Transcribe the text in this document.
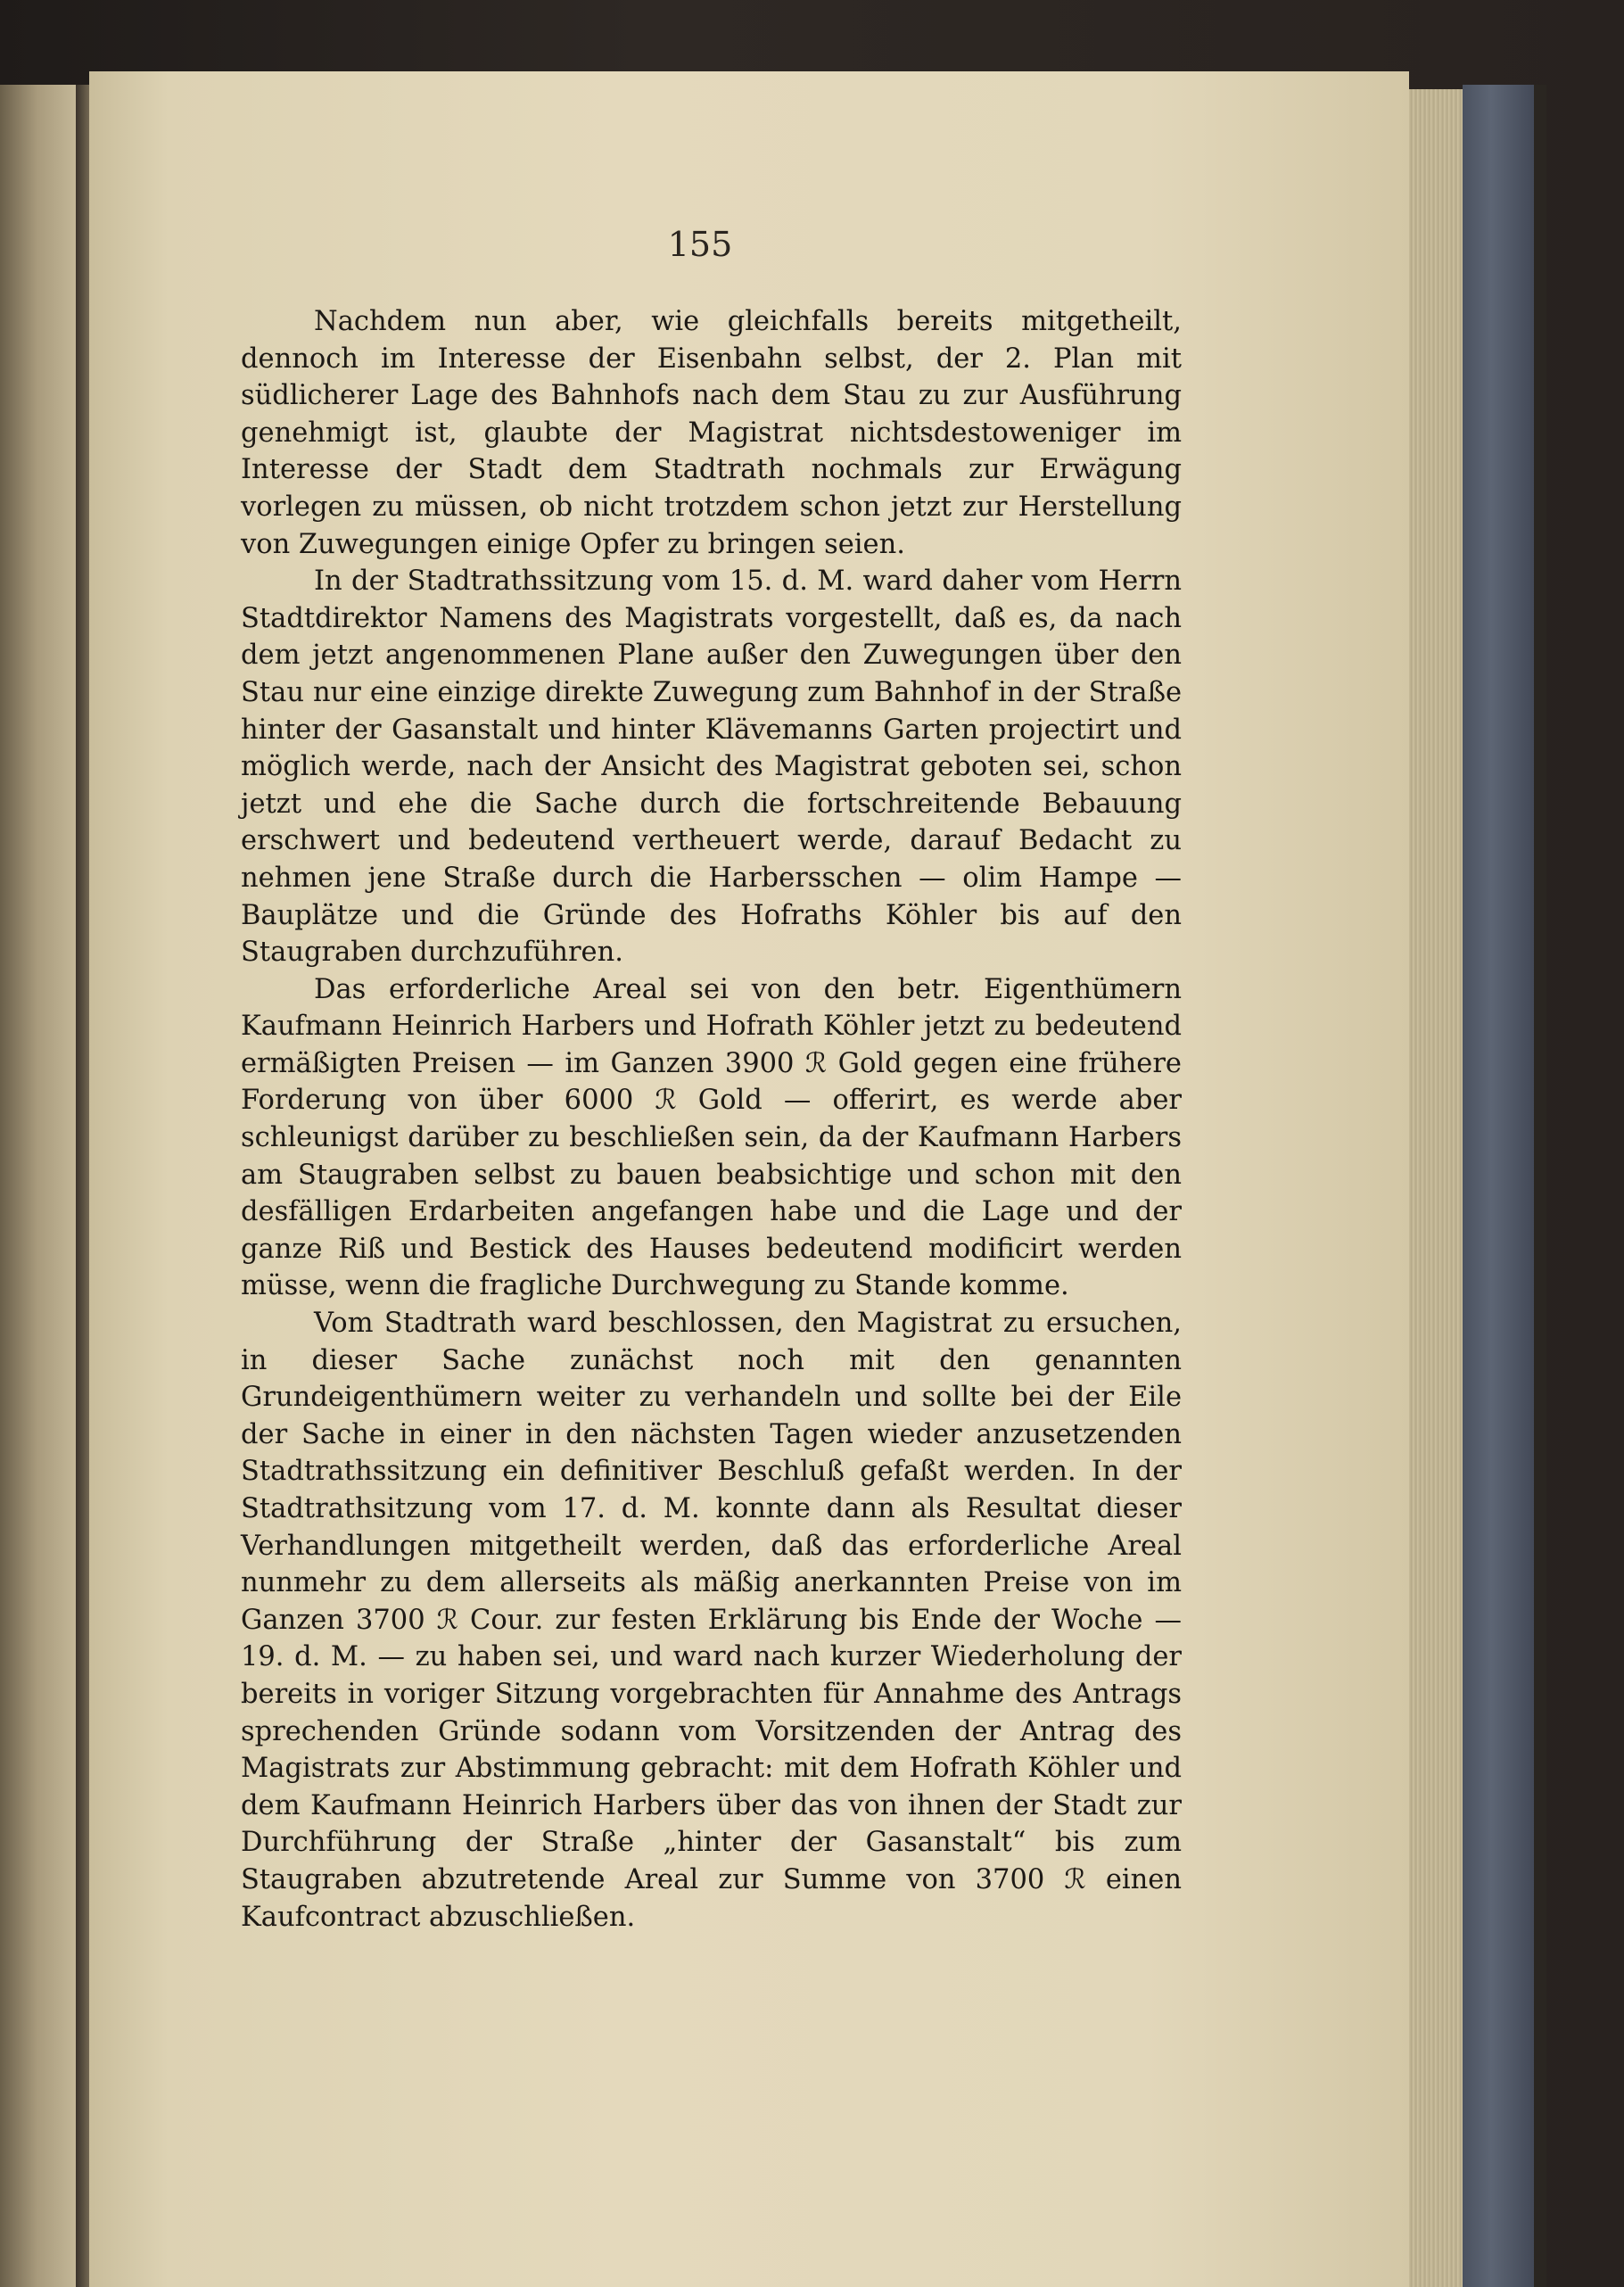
155

Nachdem nun aber, wie gleichfalls bereits mitgetheilt, dennoch im Interesse der Eisenbahn selbst, der 2. Plan mit südlicherer Lage des Bahnhofs nach dem Stau zu zur Ausführung genehmigt ist, glaubte der Magistrat nichtsdestoweniger im Interesse der Stadt dem Stadtrath nochmals zur Erwägung vorlegen zu müssen, ob nicht trotzdem schon jetzt zur Herstellung von Zuwegungen einige Opfer zu bringen seien.

In der Stadtrathssitzung vom 15. d. M. ward daher vom Herrn Stadtdirektor Namens des Magistrats vorgestellt, daß es, da nach dem jetzt angenommenen Plane außer den Zuwegungen über den Stau nur eine einzige direkte Zuwegung zum Bahnhof in der Straße hinter der Gasanstalt und hinter Klävemanns Garten projectirt und möglich werde, nach der Ansicht des Magistrat geboten sei, schon jetzt und ehe die Sache durch die fortschreitende Bebauung erschwert und bedeutend vertheuert werde, darauf Bedacht zu nehmen jene Straße durch die Harbersschen — olim Hampe — Bauplätze und die Gründe des Hofraths Köhler bis auf den Staugraben durchzuführen.

Das erforderliche Areal sei von den betr. Eigenthümern Kaufmann Heinrich Harbers und Hofrath Köhler jetzt zu bedeutend ermäßigten Preisen — im Ganzen 3900 ℛ Gold gegen eine frühere Forderung von über 6000 ℛ Gold — offerirt, es werde aber schleunigst darüber zu beschließen sein, da der Kaufmann Harbers am Staugraben selbst zu bauen beabsichtige und schon mit den desfälligen Erdarbeiten angefangen habe und die Lage und der ganze Riß und Bestick des Hauses bedeutend modificirt werden müsse, wenn die fragliche Durchwegung zu Stande komme.

Vom Stadtrath ward beschlossen, den Magistrat zu ersuchen, in dieser Sache zunächst noch mit den genannten Grundeigenthümern weiter zu verhandeln und sollte bei der Eile der Sache in einer in den nächsten Tagen wieder anzusetzenden Stadtrathssitzung ein definitiver Beschluß gefaßt werden. In der Stadtrathsitzung vom 17. d. M. konnte dann als Resultat dieser Verhandlungen mitgetheilt werden, daß das erforderliche Areal nunmehr zu dem allerseits als mäßig anerkannten Preise von im Ganzen 3700 ℛ Cour. zur festen Erklärung bis Ende der Woche — 19. d. M. — zu haben sei, und ward nach kurzer Wiederholung der bereits in voriger Sitzung vorgebrachten für Annahme des Antrags sprechenden Gründe sodann vom Vorsitzenden der Antrag des Magistrats zur Abstimmung gebracht: mit dem Hofrath Köhler und dem Kaufmann Heinrich Harbers über das von ihnen der Stadt zur Durchführung der Straße „hinter der Gasanstalt“ bis zum Staugraben abzutretende Areal zur Summe von 3700 ℛ einen Kaufcontract abzuschließen.
